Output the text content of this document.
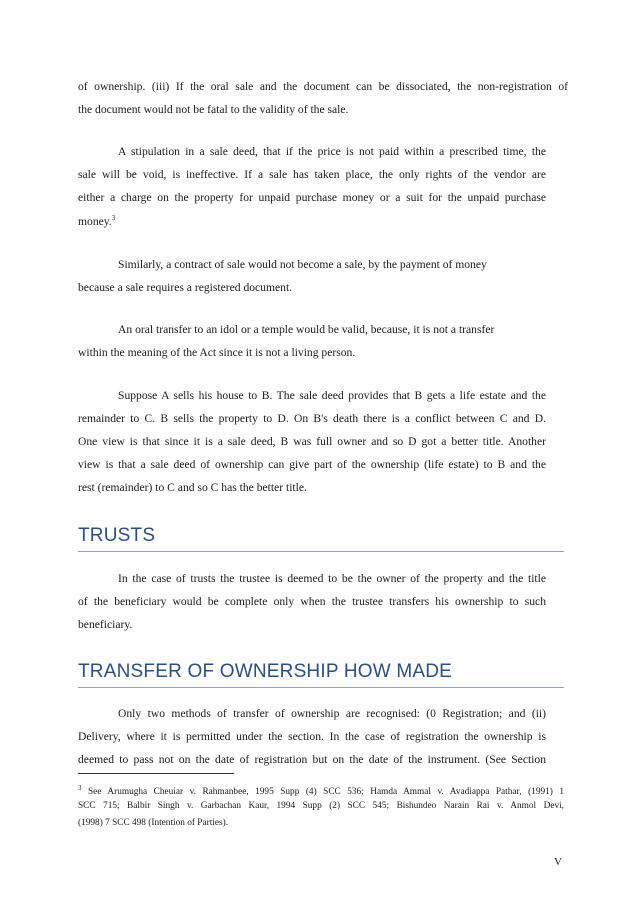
of ownership. (iii) If the oral sale and the document can be dissociated, the non-registration of
the document would not be fatal to the validity of the sale.
A stipulation in a sale deed, that if the price is not paid within a prescribed time, the
sale will be void, is ineffective. If a sale has taken place, the only rights of the vendor are
either a charge on the property for unpaid purchase money or a suit for the unpaid purchase
money.$^3$
Similarly, a contract of sale would not become a sale, by the payment of money
because a sale requires a registered document.
An oral transfer to an idol or a temple would be valid, because, it is not a transfer
within the meaning of the Act since it is not a living person.
Suppose A sells his house to B. The sale deed provides that B gets a life estate and the
remainder to C. B sells the property to D. On B's death there is a conflict between C and D.
One view is that since it is a sale deed, B was full owner and so D got a better title. Another
view is that a sale deed of ownership can give part of the ownership (life estate) to B and the
rest (remainder) to C and so C has the better title.
TRUSTS
In the case of trusts the trustee is deemed to be the owner of the property and the title
of the beneficiary would be complete only when the trustee transfers his ownership to such
beneficiary.
TRANSFER OF OWNERSHIP HOW MADE
Only two methods of transfer of ownership are recognised: (0 Registration; and (ii)
Delivery, where it is permitted under the section. In the case of registration the ownership is
deemed to pass not on the date of registration but on the date of the instrument. (See Section
$^3$ See Arumugha Cheuiar v. Rahmanbee, 1995 Supp (4) SCC 536; Hamda Ammal v. Avadiappa Pathar, (1991) 1
SCC 715; Balbir Singh v. Garbachan Kaur, 1994 Supp (2) SCC 545; Bishundeo Narain Rai v. Anmol Devi,
(1998) 7 SCC 498 (Intention of Parties).
V
